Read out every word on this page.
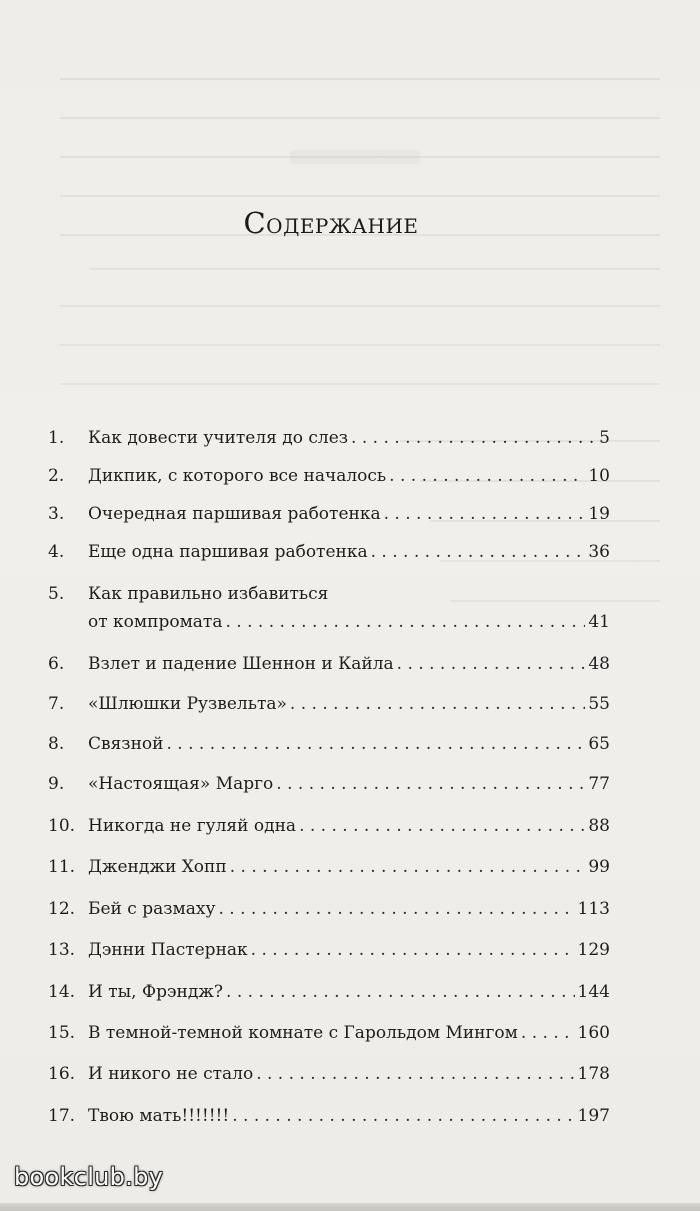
Содержание
1. Как довести учителя до слез . . .	5
2. Дикпик, с которого все началось . . .	10
3. Очередная паршивая работенка . . .	19
4. Еще одна паршивая работенка . . .	36
5. Как правильно избавиться
от компромата . . .	41
6. Взлет и падение Шеннон и Кайла . . .	48
7. «Шлюшки Рузвельта» . . .	55
8. Связной . . .	65
9. «Настоящая» Марго . . .	77
10. Никогда не гуляй одна . . .	88
11. Дженджи Хопп . . .	99
12. Бей с размаху . . .	113
13. Дэнни Пастернак . . .	129
14. И ты, Фрэндж? . . .	144
15. В темной-темной комнате с Гарольдом Мингом . . .	160
16. И никого не стало . . .	178
17. Твою мать!!!!!!! . . .	197
bookclub.by
